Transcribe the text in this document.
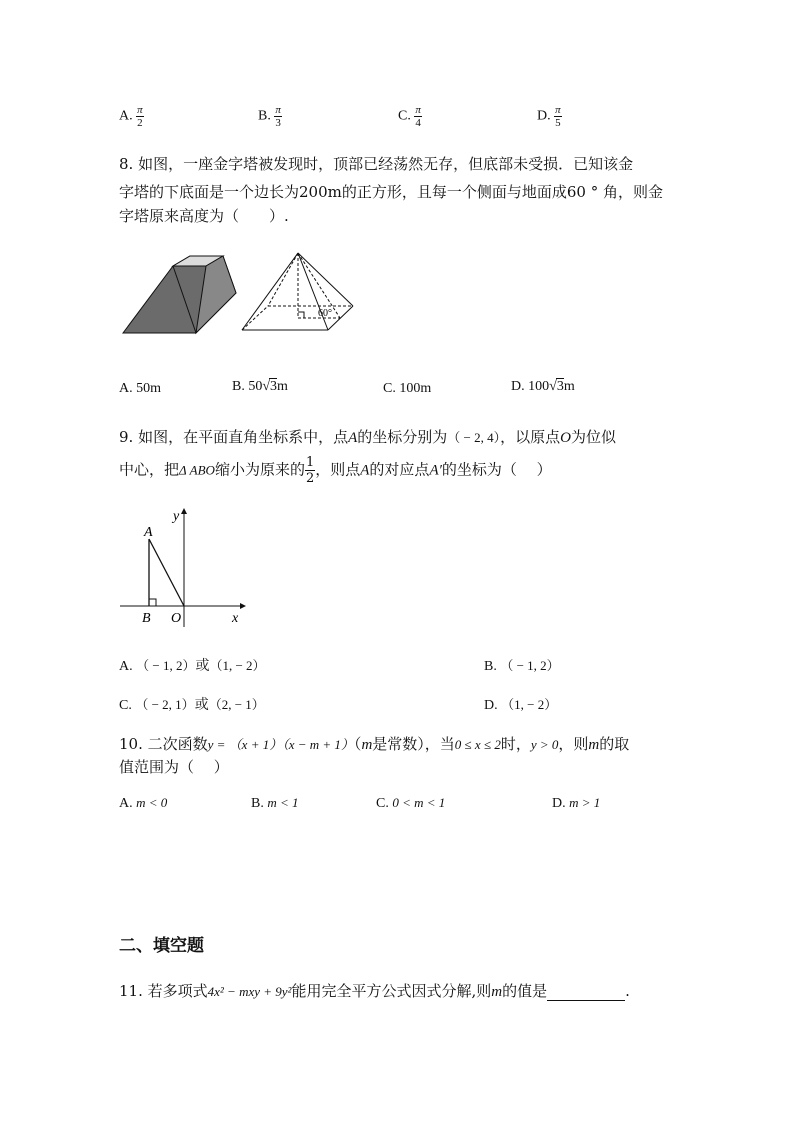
A. $\frac{\pi}{2}$	B. $\frac{\pi}{3}$	C. $\frac{\pi}{4}$	D. $\frac{\pi}{5}$
8. 如图，一座金字塔被发现时，顶部已经荡然无存，但底部未受损．已知该金
字塔的下底面是一个边长为200m的正方形，且每一个侧面与地面成60 ° 角，则金
字塔原来高度为（　　）.
60°
A. 50m	B. 50√3m	C. 100m	D. 100√3m
9. 如图，在平面直角坐标系中，点A的坐标分别为（ − 2, 4），以原点O为位似
中心，把Δ ABO缩小为原来的 $\frac{1}{2}$ ，则点A的对应点A′的坐标为（　 ）
y
x
A
B O
A. （ − 1, 2）或（1, − 2）	B. （ − 1, 2）
C. （ − 2, 1）或（2, − 1）	D. （1, − 2）
10. 二次函数y = （x + 1）（x − m + 1）（m是常数），当0 ≤ x ≤ 2时，y > 0，则m的取
值范围为（　 ）
A. m < 0	B. m < 1	C. 0 < m < 1	D. m > 1
二、填空题
11. 若多项式4x² − mxy + 9y²能用完全平方公式因式分解,则m的值是	.
